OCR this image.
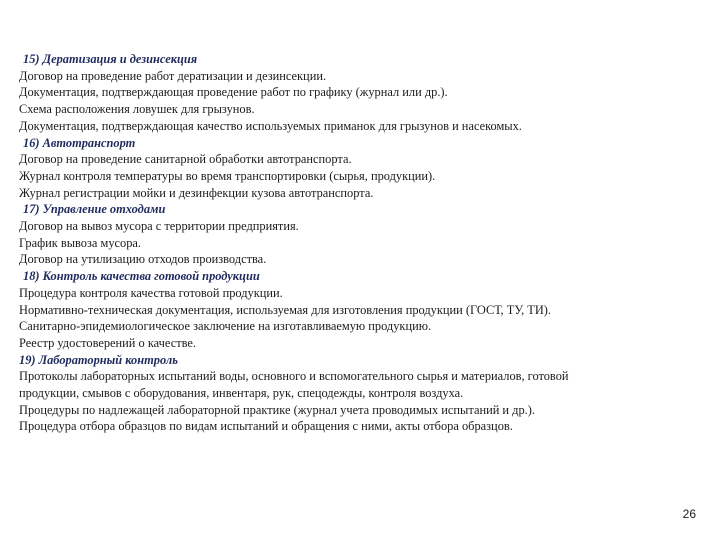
15) Дератизация и дезинсекция

Договор на проведение работ дератизации и дезинсекции.

Документация, подтверждающая проведение работ по графику (журнал или др.).

Схема расположения ловушек для грызунов.

Документация, подтверждающая качество используемых приманок для грызунов и насекомых.

16) Автотранспорт

Договор на проведение санитарной обработки автотранспорта.

Журнал контроля температуры во время транспортировки (сырья, продукции).

Журнал регистрации мойки и дезинфекции кузова автотранспорта.

17) Управление отходами

Договор на вывоз мусора с территории предприятия.

График вывоза мусора.

Договор на утилизацию отходов производства.

18) Контроль качества готовой продукции

Процедура контроля качества готовой продукции.

Нормативно-техническая документация, используемая для изготовления продукции (ГОСТ, ТУ, ТИ).

Санитарно-эпидемиологическое заключение на изготавливаемую продукцию.

Реестр удостоверений о качестве.

19) Лабораторный контроль

Протоколы лабораторных испытаний воды, основного и вспомогательного сырья и материалов, готовой

продукции, смывов с оборудования, инвентаря, рук, спецодежды, контроля воздуха.

Процедуры по надлежащей лабораторной практике (журнал учета проводимых испытаний и др.).

Процедура отбора образцов по видам испытаний и обращения с ними, акты отбора образцов.

26
